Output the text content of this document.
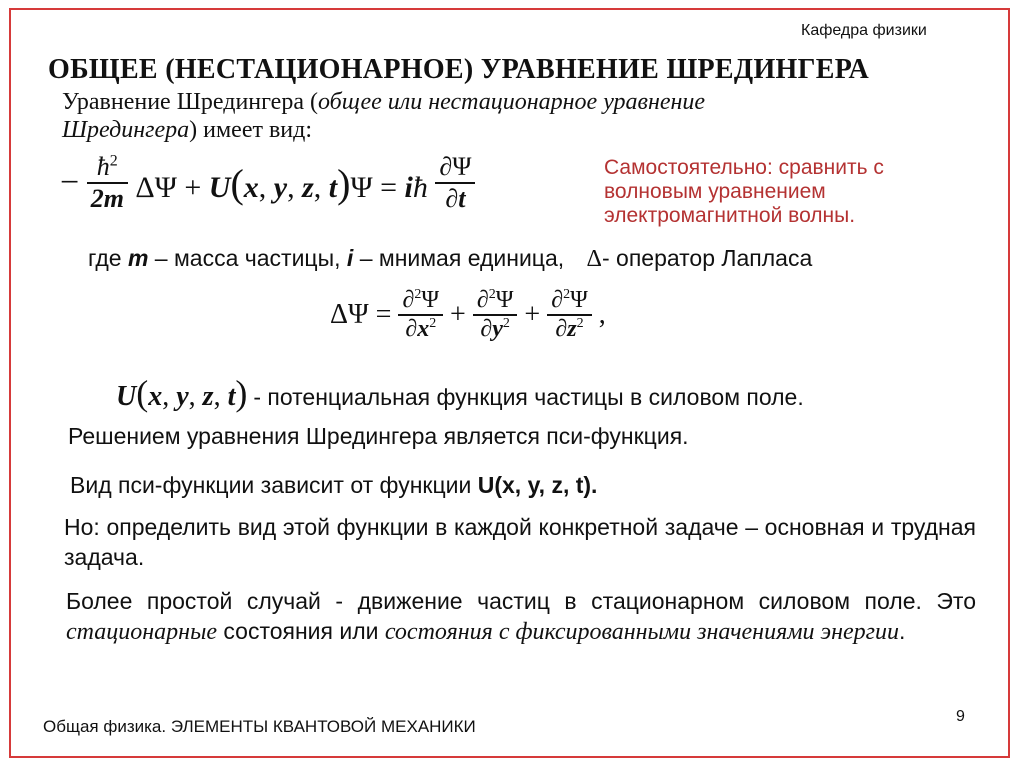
Кафедра физики
ОБЩЕЕ (НЕСТАЦИОНАРНОЕ) УРАВНЕНИЕ ШРЕДИНГЕРА
Уравнение Шредингера (общее или нестационарное уравнение
Шредингера) имеет вид:
− $\frac{ħ^2}{2m}$ ΔΨ + U(x, y, z, t)Ψ = iħ $\frac{\partial\Psi}{\partial t}$	Самостоятельно: сравнить с
волновым уравнением
электромагнитной волны.
где m – масса частицы, i – мнимая единица, Δ- оператор Лапласа
$\Delta\Psi = \frac{\partial^2\Psi}{\partial x^2} + \frac{\partial^2\Psi}{\partial y^2} + \frac{\partial^2\Psi}{\partial z^2}$ ,
U(x, y, z, t) - потенциальная функция частицы в силовом поле.
Решением уравнения Шредингера является пси-функция.
Вид пси-функции зависит от функции U(x, y, z, t).
Но: определить вид этой функции в каждой конкретной задаче – основная и трудная задача.
Более простой случай - движение частиц в стационарном силовом поле. Это стационарные состояния или состояния с фиксированными значениями энергии.
Общая физика. ЭЛЕМЕНТЫ КВАНТОВОЙ МЕХАНИКИ
9
